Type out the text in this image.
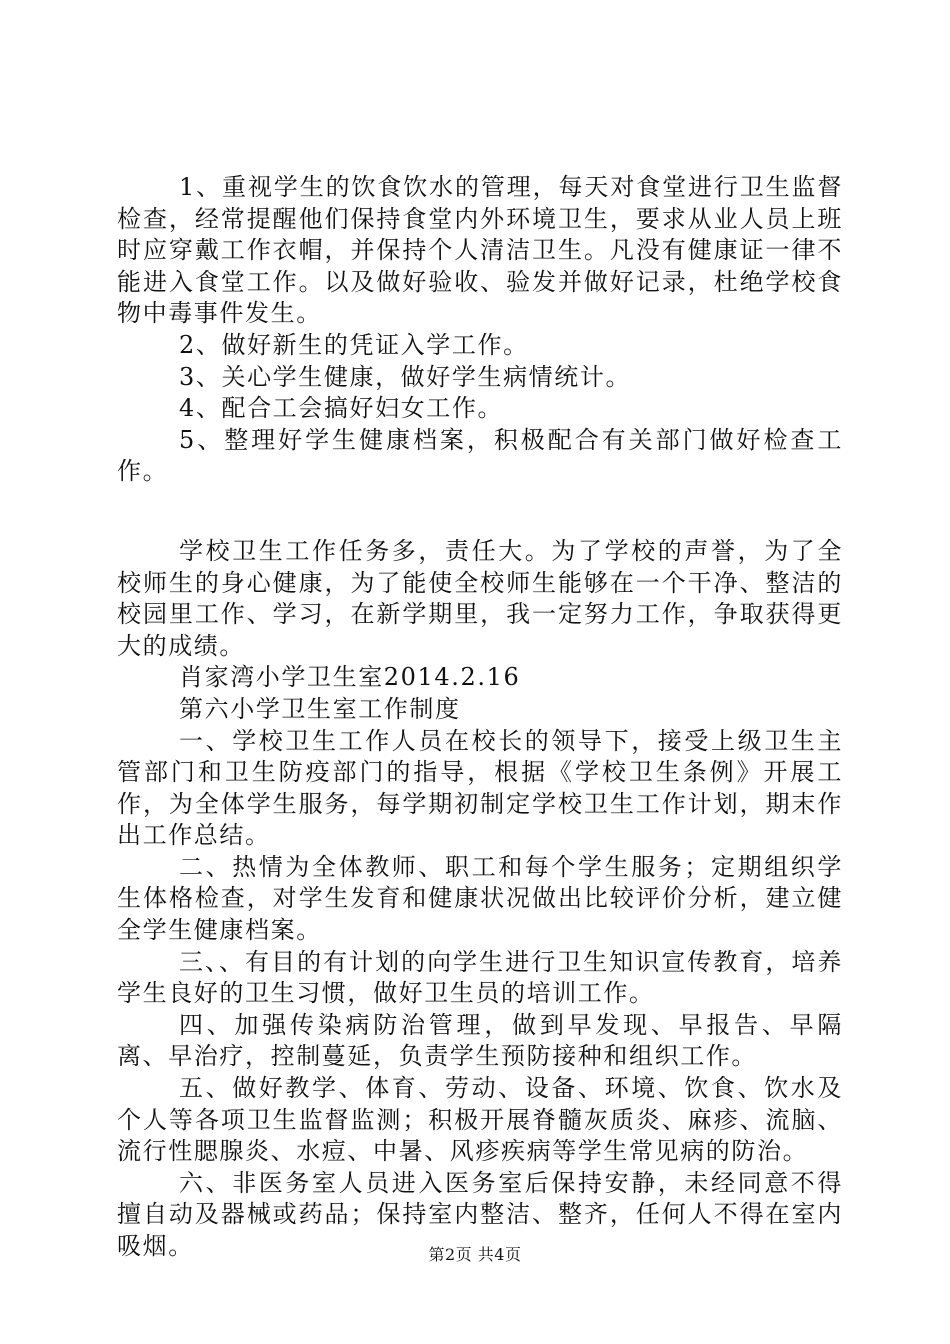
1、重视学生的饮食饮水的管理，每天对食堂进行卫生监督检查，经常提醒他们保持食堂内外环境卫生，要求从业人员上班时应穿戴工作衣帽，并保持个人清洁卫生。凡没有健康证一律不能进入食堂工作。以及做好验收、验发并做好记录，杜绝学校食物中毒事件发生。

2、做好新生的凭证入学工作。

3、关心学生健康，做好学生病情统计。

4、配合工会搞好妇女工作。

5、整理好学生健康档案，积极配合有关部门做好检查工作。

学校卫生工作任务多，责任大。为了学校的声誉，为了全校师生的身心健康，为了能使全校师生能够在一个干净、整洁的校园里工作、学习，在新学期里，我一定努力工作，争取获得更大的成绩。

肖家湾小学卫生室2014.2.16

第六小学卫生室工作制度

一、学校卫生工作人员在校长的领导下，接受上级卫生主管部门和卫生防疫部门的指导，根据《学校卫生条例》开展工作，为全体学生服务，每学期初制定学校卫生工作计划，期末作出工作总结。

二、热情为全体教师、职工和每个学生服务；定期组织学生体格检查，对学生发育和健康状况做出比较评价分析，建立健全学生健康档案。

三、、有目的有计划的向学生进行卫生知识宣传教育，培养学生良好的卫生习惯，做好卫生员的培训工作。

四、加强传染病防治管理，做到早发现、早报告、早隔离、早治疗，控制蔓延，负责学生预防接种和组织工作。

五、做好教学、体育、劳动、设备、环境、饮食、饮水及个人等各项卫生监督监测；积极开展脊髓灰质炎、麻疹、流脑、流行性腮腺炎、水痘、中暑、风疹疾病等学生常见病的防治。

六、非医务室人员进入医务室后保持安静，未经同意不得擅自动及器械或药品；保持室内整洁、整齐，任何人不得在室内吸烟。	第2页 共4页
